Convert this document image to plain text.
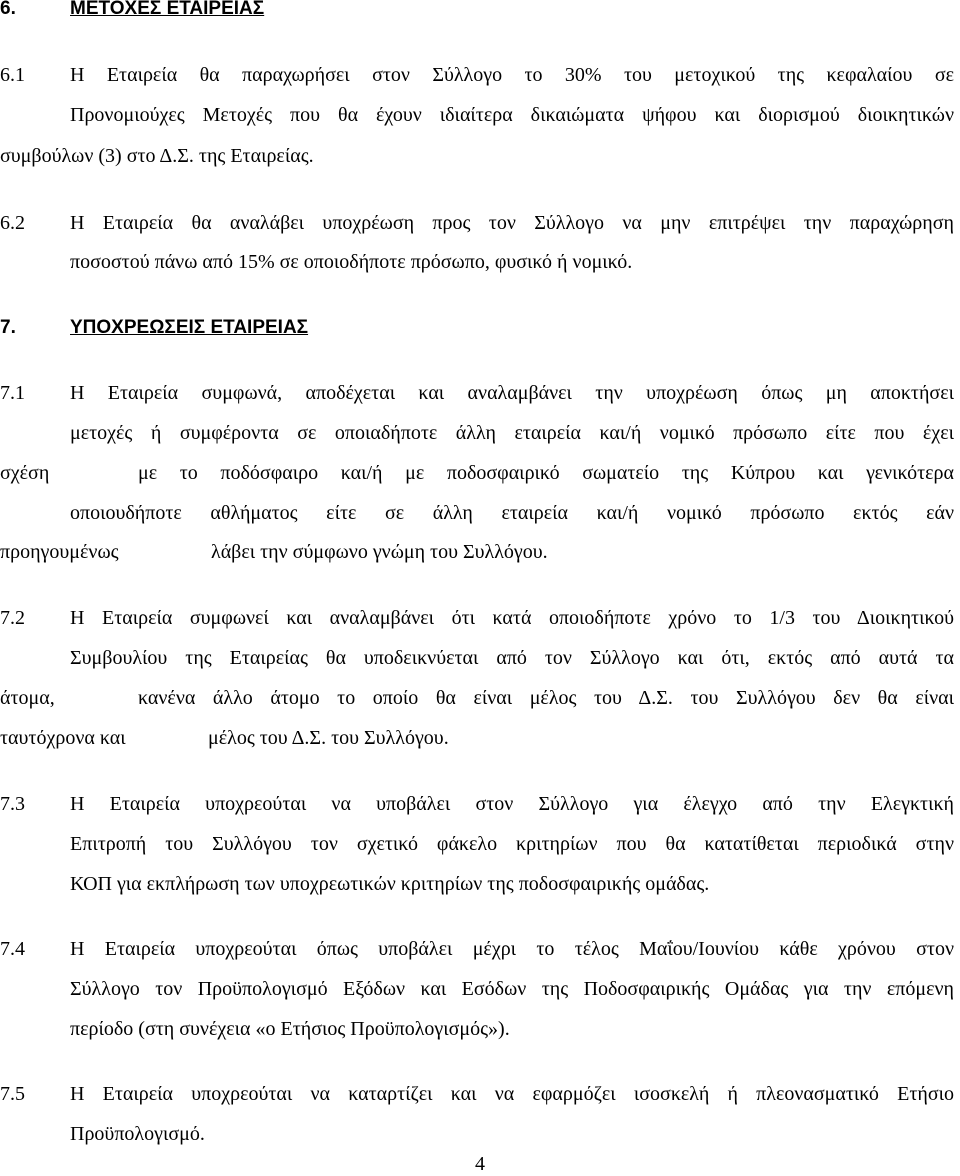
6.	ΜΕΤΟΧΕΣ ΕΤΑΙΡΕΙΑΣ
6.1 Η Εταιρεία θα παραχωρήσει στον Σύλλογο το 30% του μετοχικού της κεφαλαίου σε
Προνομιούχες Μετοχές που θα έχουν ιδιαίτερα δικαιώματα ψήφου και διορισμού διοικητικών
συμβούλων (3) στο Δ.Σ. της Εταιρείας.
6.2 Η Εταιρεία θα αναλάβει υποχρέωση προς τον Σύλλογο να μην επιτρέψει την παραχώρηση
ποσοστού πάνω από 15% σε οποιοδήποτε πρόσωπο, φυσικό ή νομικό.
7.	ΥΠΟΧΡΕΩΣΕΙΣ ΕΤΑΙΡΕΙΑΣ
7.1 Η Εταιρεία συμφωνά, αποδέχεται και αναλαμβάνει την υποχρέωση όπως μη αποκτήσει
μετοχές ή συμφέροντα σε οποιαδήποτε άλλη εταιρεία και/ή νομικό πρόσωπο είτε που έχει
σχέση	με το ποδόσφαιρο και/ή με ποδοσφαιρικό σωματείο της Κύπρου και γενικότερα
οποιουδήποτε αθλήματος είτε σε άλλη εταιρεία και/ή νομικό πρόσωπο εκτός εάν
προηγουμένως	λάβει την σύμφωνο γνώμη του Συλλόγου.
7.2 Η Εταιρεία συμφωνεί και αναλαμβάνει ότι κατά οποιοδήποτε χρόνο το 1/3 του Διοικητικού
Συμβουλίου της Εταιρείας θα υποδεικνύεται από τον Σύλλογο και ότι, εκτός από αυτά τα
άτομα,	κανένα άλλο άτομο το οποίο θα είναι μέλος του Δ.Σ. του Συλλόγου δεν θα είναι
ταυτόχρονα και	μέλος του Δ.Σ. του Συλλόγου.
7.3 Η Εταιρεία υποχρεούται να υποβάλει στον Σύλλογο για έλεγχο από την Ελεγκτική
Επιτροπή του Συλλόγου τον σχετικό φάκελο κριτηρίων που θα κατατίθεται περιοδικά στην
ΚΟΠ για εκπλήρωση των υποχρεωτικών κριτηρίων της ποδοσφαιρικής ομάδας.
7.4 Η Εταιρεία υποχρεούται όπως υποβάλει μέχρι το τέλος Μαΐου/Ιουνίου κάθε χρόνου στον
Σύλλογο τον Προϋπολογισμό Εξόδων και Εσόδων της Ποδοσφαιρικής Ομάδας για την επόμενη
περίοδο (στη συνέχεια «ο Ετήσιος Προϋπολογισμός»).
7.5 Η Εταιρεία υποχρεούται να καταρτίζει και να εφαρμόζει ισοσκελή ή πλεονασματικό Ετήσιο
Προϋπολογισμό.
4
